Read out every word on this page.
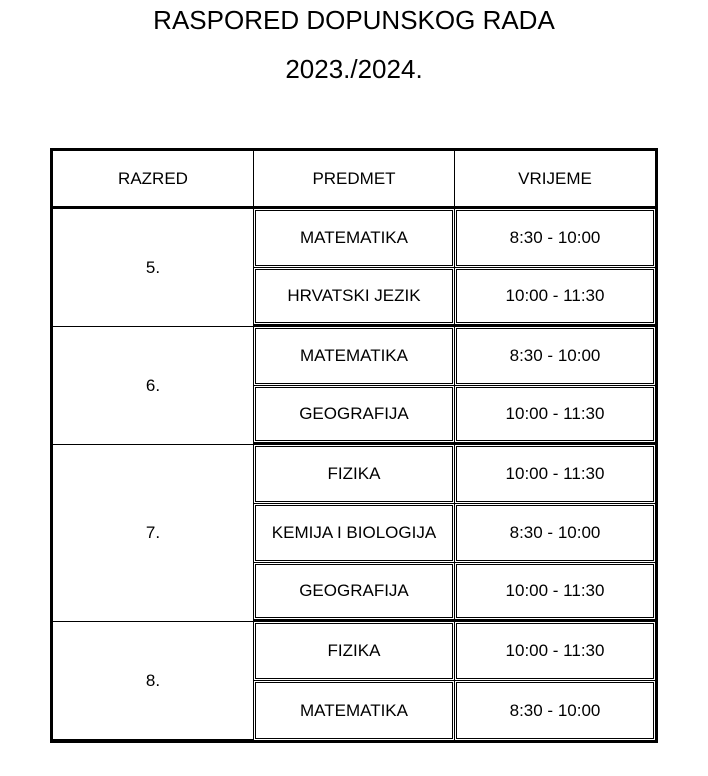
RASPORED DOPUNSKOG RADA
2023./2024.
RAZRED	PREDMET	VRIJEME
5.	MATEMATIKA	8:30 - 10:00
	HRVATSKI JEZIK	10:00 - 11:30
6.	MATEMATIKA	8:30 - 10:00
	GEOGRAFIJA	10:00 - 11:30
7.	FIZIKA	10:00 - 11:30
	KEMIJA I BIOLOGIJA	8:30 - 10:00
	GEOGRAFIJA	10:00 - 11:30
8.	FIZIKA	10:00 - 11:30
	MATEMATIKA	8:30 - 10:00
